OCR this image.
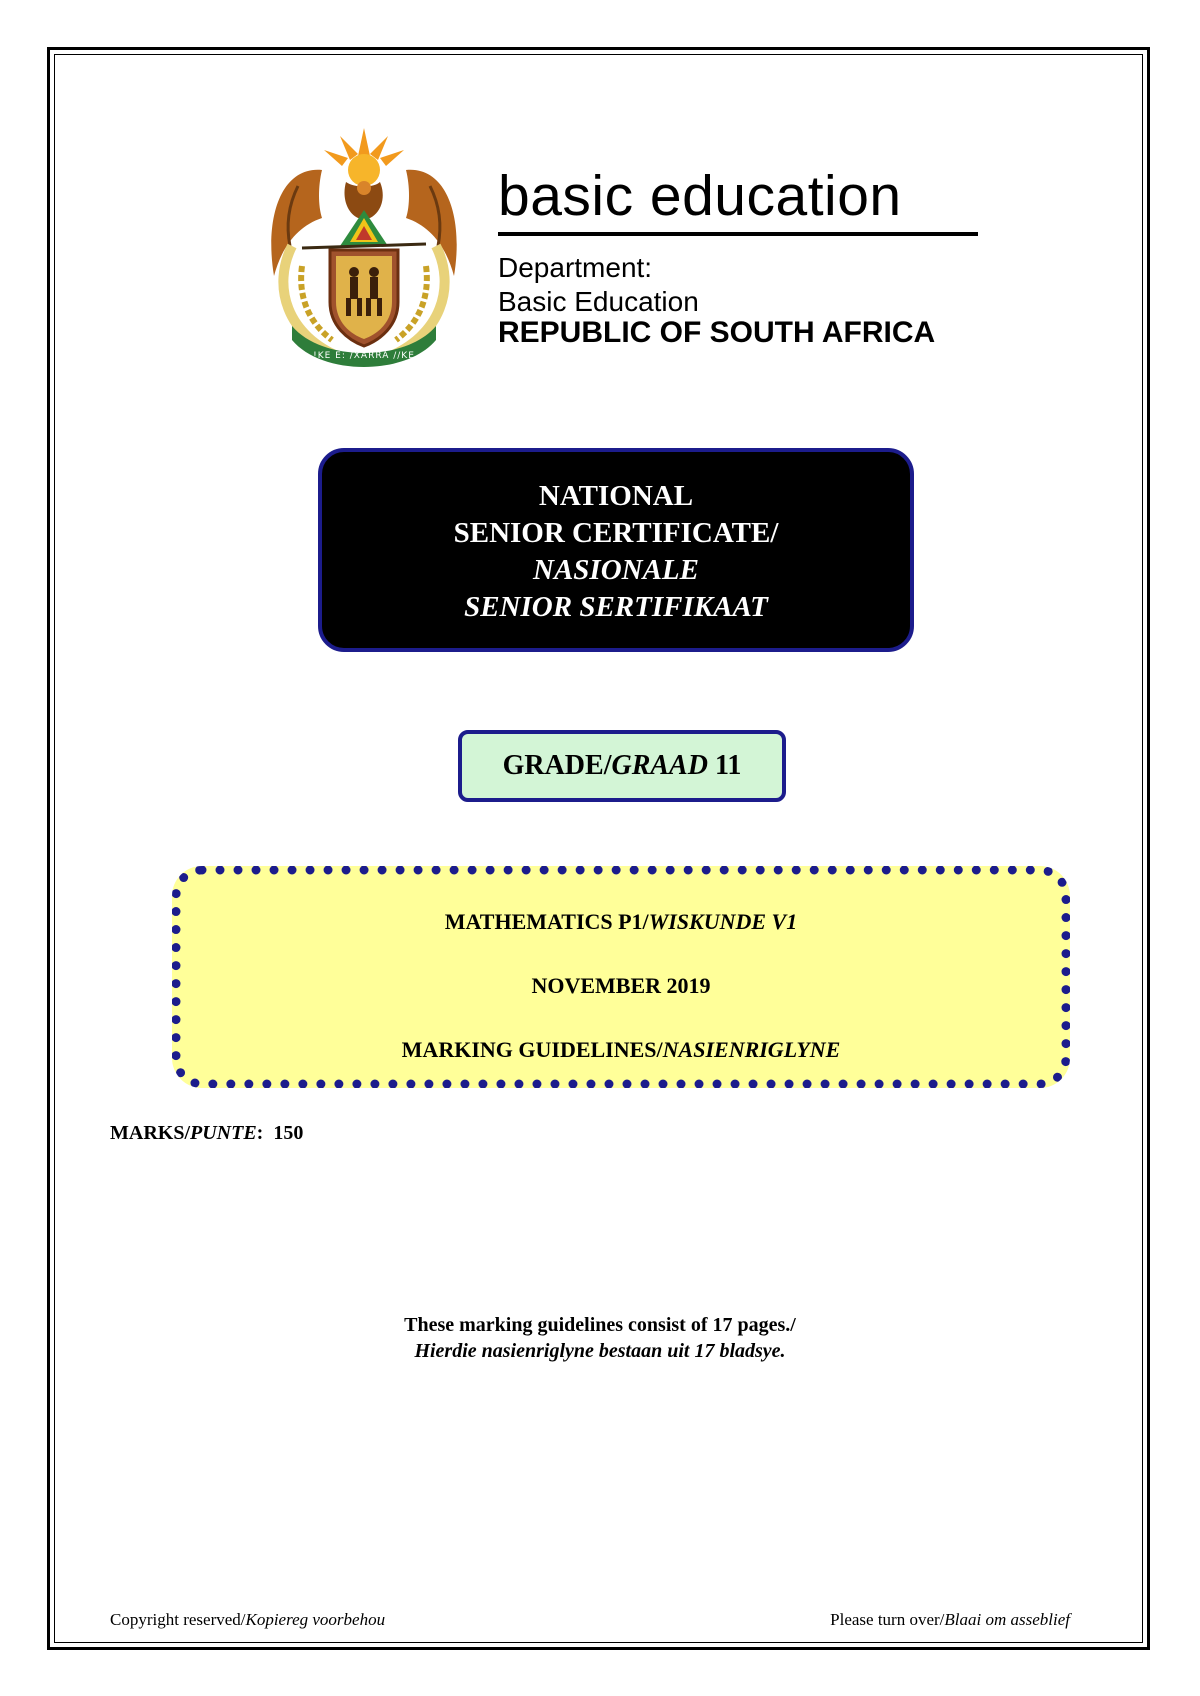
!KE E: /XARRA //KE
basic education
Department:
Basic Education
REPUBLIC OF SOUTH AFRICA
NATIONAL
SENIOR CERTIFICATE/
NASIONALE
SENIOR SERTIFIKAAT
GRADE/GRAAD 11
MATHEMATICS P1/WISKUNDE V1
NOVEMBER 2019
MARKING GUIDELINES/NASIENRIGLYNE
MARKS/PUNTE: 150
These marking guidelines consist of 17 pages./
Hierdie nasienriglyne bestaan uit 17 bladsye.
Copyright reserved/Kopiereg voorbehou	Please turn over/Blaai om asseblief
